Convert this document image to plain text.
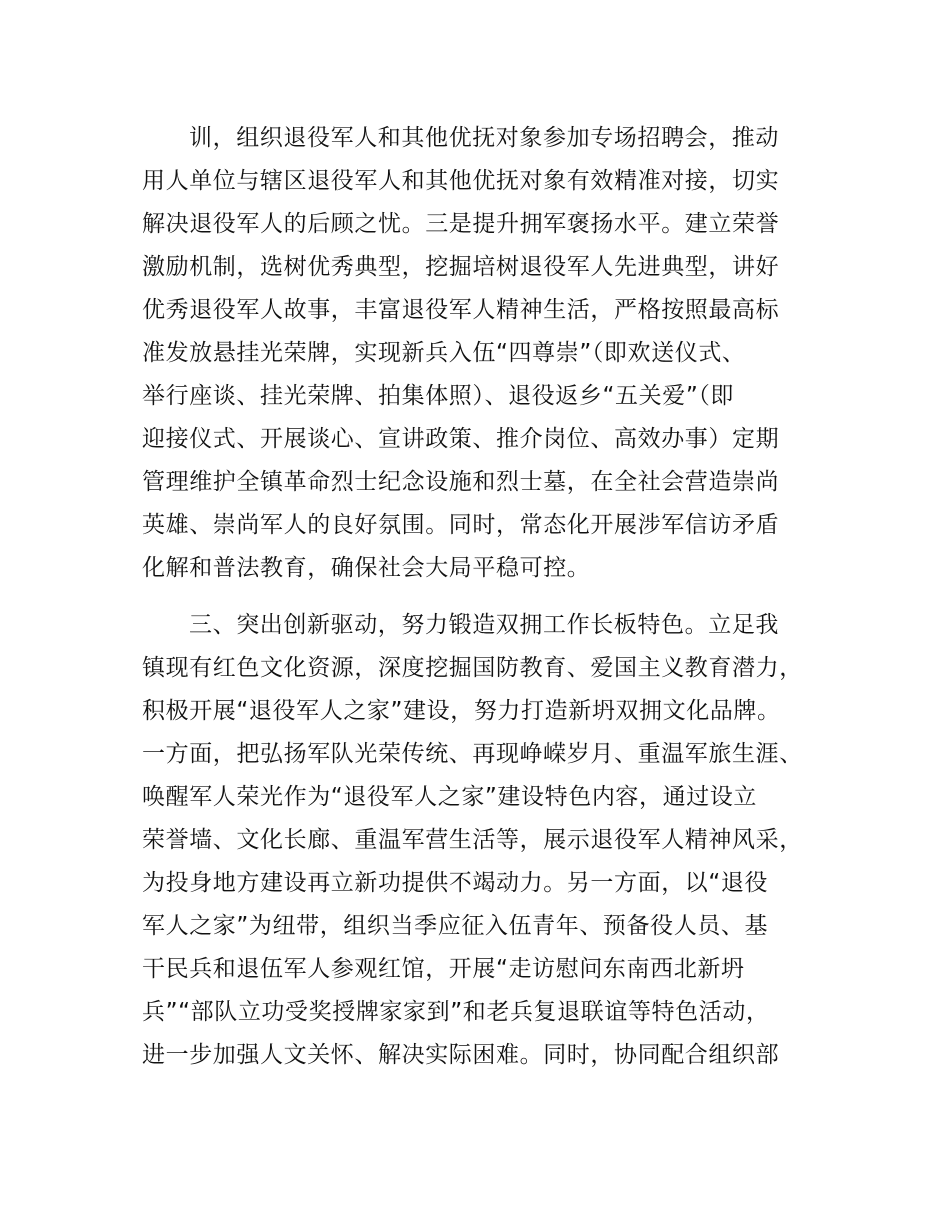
训，组织退役军人和其他优抚对象参加专场招聘会，推动
用人单位与辖区退役军人和其他优抚对象有效精准对接，切实
解决退役军人的后顾之忧。三是提升拥军褒扬水平。建立荣誉
激励机制，选树优秀典型，挖掘培树退役军人先进典型，讲好
优秀退役军人故事，丰富退役军人精神生活，严格按照最高标
准发放悬挂光荣牌，实现新兵入伍“四尊崇”（即欢送仪式、
举行座谈、挂光荣牌、拍集体照）、退役返乡“五关爱”（即
迎接仪式、开展谈心、宣讲政策、推介岗位、高效办事）定期
管理维护全镇革命烈士纪念设施和烈士墓，在全社会营造崇尚
英雄、崇尚军人的良好氛围。同时，常态化开展涉军信访矛盾
化解和普法教育，确保社会大局平稳可控。
三、突出创新驱动，努力锻造双拥工作长板特色。立足我
镇现有红色文化资源，深度挖掘国防教育、爱国主义教育潜力，
积极开展“退役军人之家”建设，努力打造新坍双拥文化品牌。
一方面，把弘扬军队光荣传统、再现峥嵘岁月、重温军旅生涯、
唤醒军人荣光作为“退役军人之家”建设特色内容，通过设立
荣誉墙、文化长廊、重温军营生活等，展示退役军人精神风采，
为投身地方建设再立新功提供不竭动力。另一方面，以“退役
军人之家”为纽带，组织当季应征入伍青年、预备役人员、基
干民兵和退伍军人参观红馆，开展“走访慰问东南西北新坍
兵”“部队立功受奖授牌家家到”和老兵复退联谊等特色活动，
进一步加强人文关怀、解决实际困难。同时，协同配合组织部
